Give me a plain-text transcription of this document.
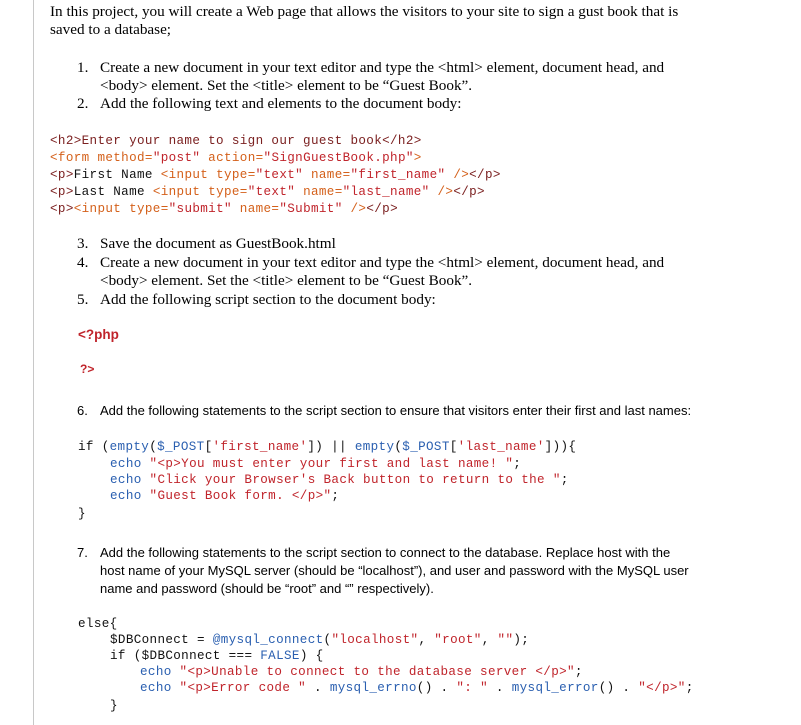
In this project, you will create a Web page that allows the visitors to your site to sign a gust book that is
saved to a database;
1. Create a new document in your text editor and type the <html> element, document head, and
<body> element. Set the <title> element to be “Guest Book”.
2. Add the following text and elements to the document body:
<h2>Enter your name to sign our guest book</h2>
<form method="post" action="SignGuestBook.php">
<p>First Name <input type="text" name="first_name" /></p>
<p>Last Name <input type="text" name="last_name" /></p>
<p><input type="submit" name="Submit" /></p>
3. Save the document as GuestBook.html
4. Create a new document in your text editor and type the <html> element, document head, and
<body> element. Set the <title> element to be “Guest Book”.
5. Add the following script section to the document body:
<?php
?>
6. Add the following statements to the script section to ensure that visitors enter their first and last names:
if (empty($_POST['first_name']) || empty($_POST['last_name'])){
echo "<p>You must enter your first and last name! ";
echo "Click your Browser's Back button to return to the ";
echo "Guest Book form. </p>";
}
7. Add the following statements to the script section to connect to the database. Replace host with the
host name of your MySQL server (should be “localhost”), and user and password with the MySQL user
name and password (should be “root” and “” respectively).
else{
$DBConnect = @mysql_connect("localhost", "root", "");
if ($DBConnect === FALSE) {
echo "<p>Unable to connect to the database server </p>";
echo "<p>Error code " . mysql_errno() . ": " . mysql_error() . "</p>";
}
